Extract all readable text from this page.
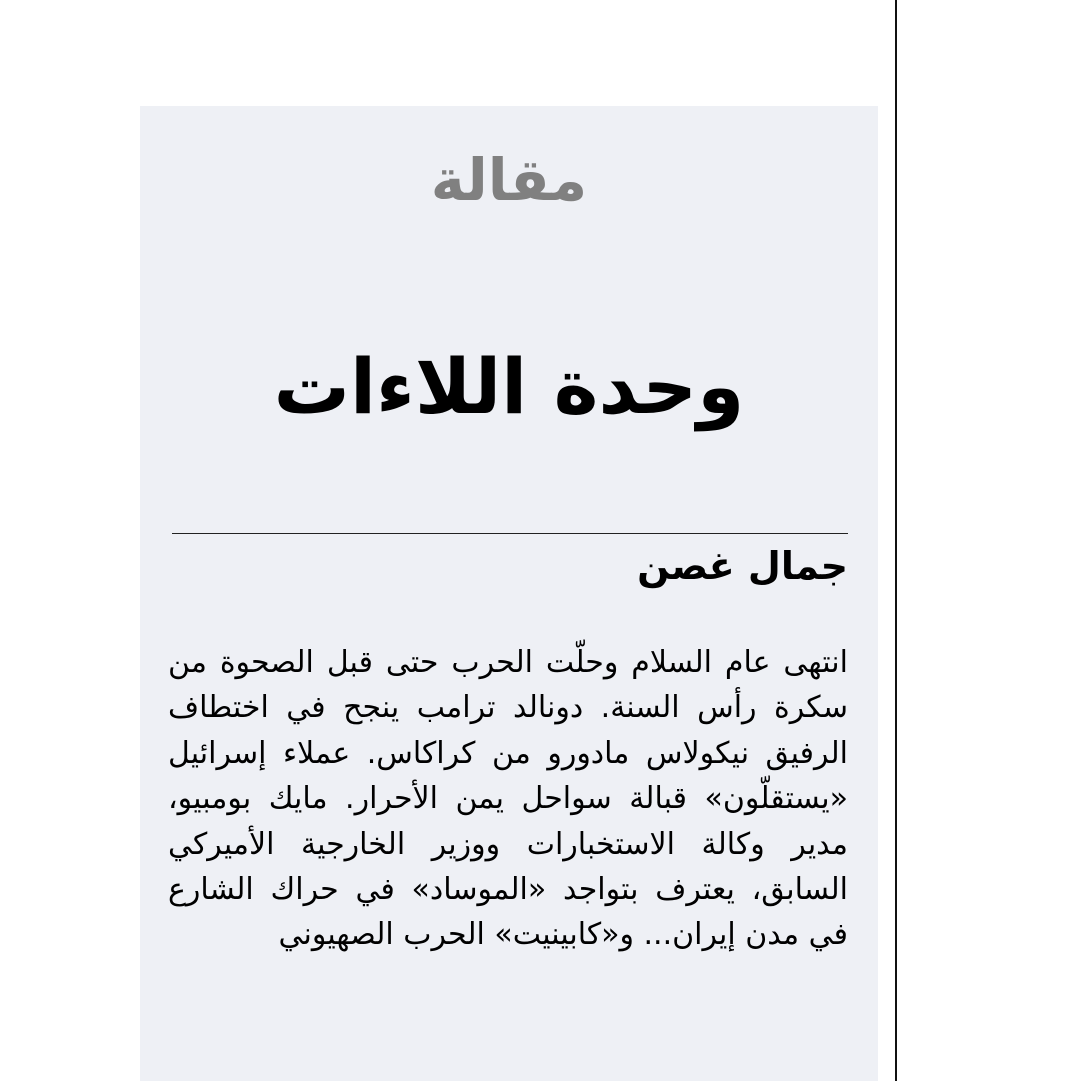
مقالة
وحدة اللاءات
جمال غصن

انتهى عام السلام وحلّت الحرب حتى قبل الصحوة من سكرة رأس السنة. دونالد ترامب ينجح في اختطاف الرفيق نيكولاس مادورو من كراكاس. عملاء إسرائيل «يستقلّون» قبالة سواحل يمن الأحرار. مايك بومبيو، مدير وكالة الاستخبارات ووزير الخارجية الأميركي السابق، يعترف بتواجد «الموساد» في حراك الشارع في مدن إيران... و«كابينيت» الحرب الصهيوني
